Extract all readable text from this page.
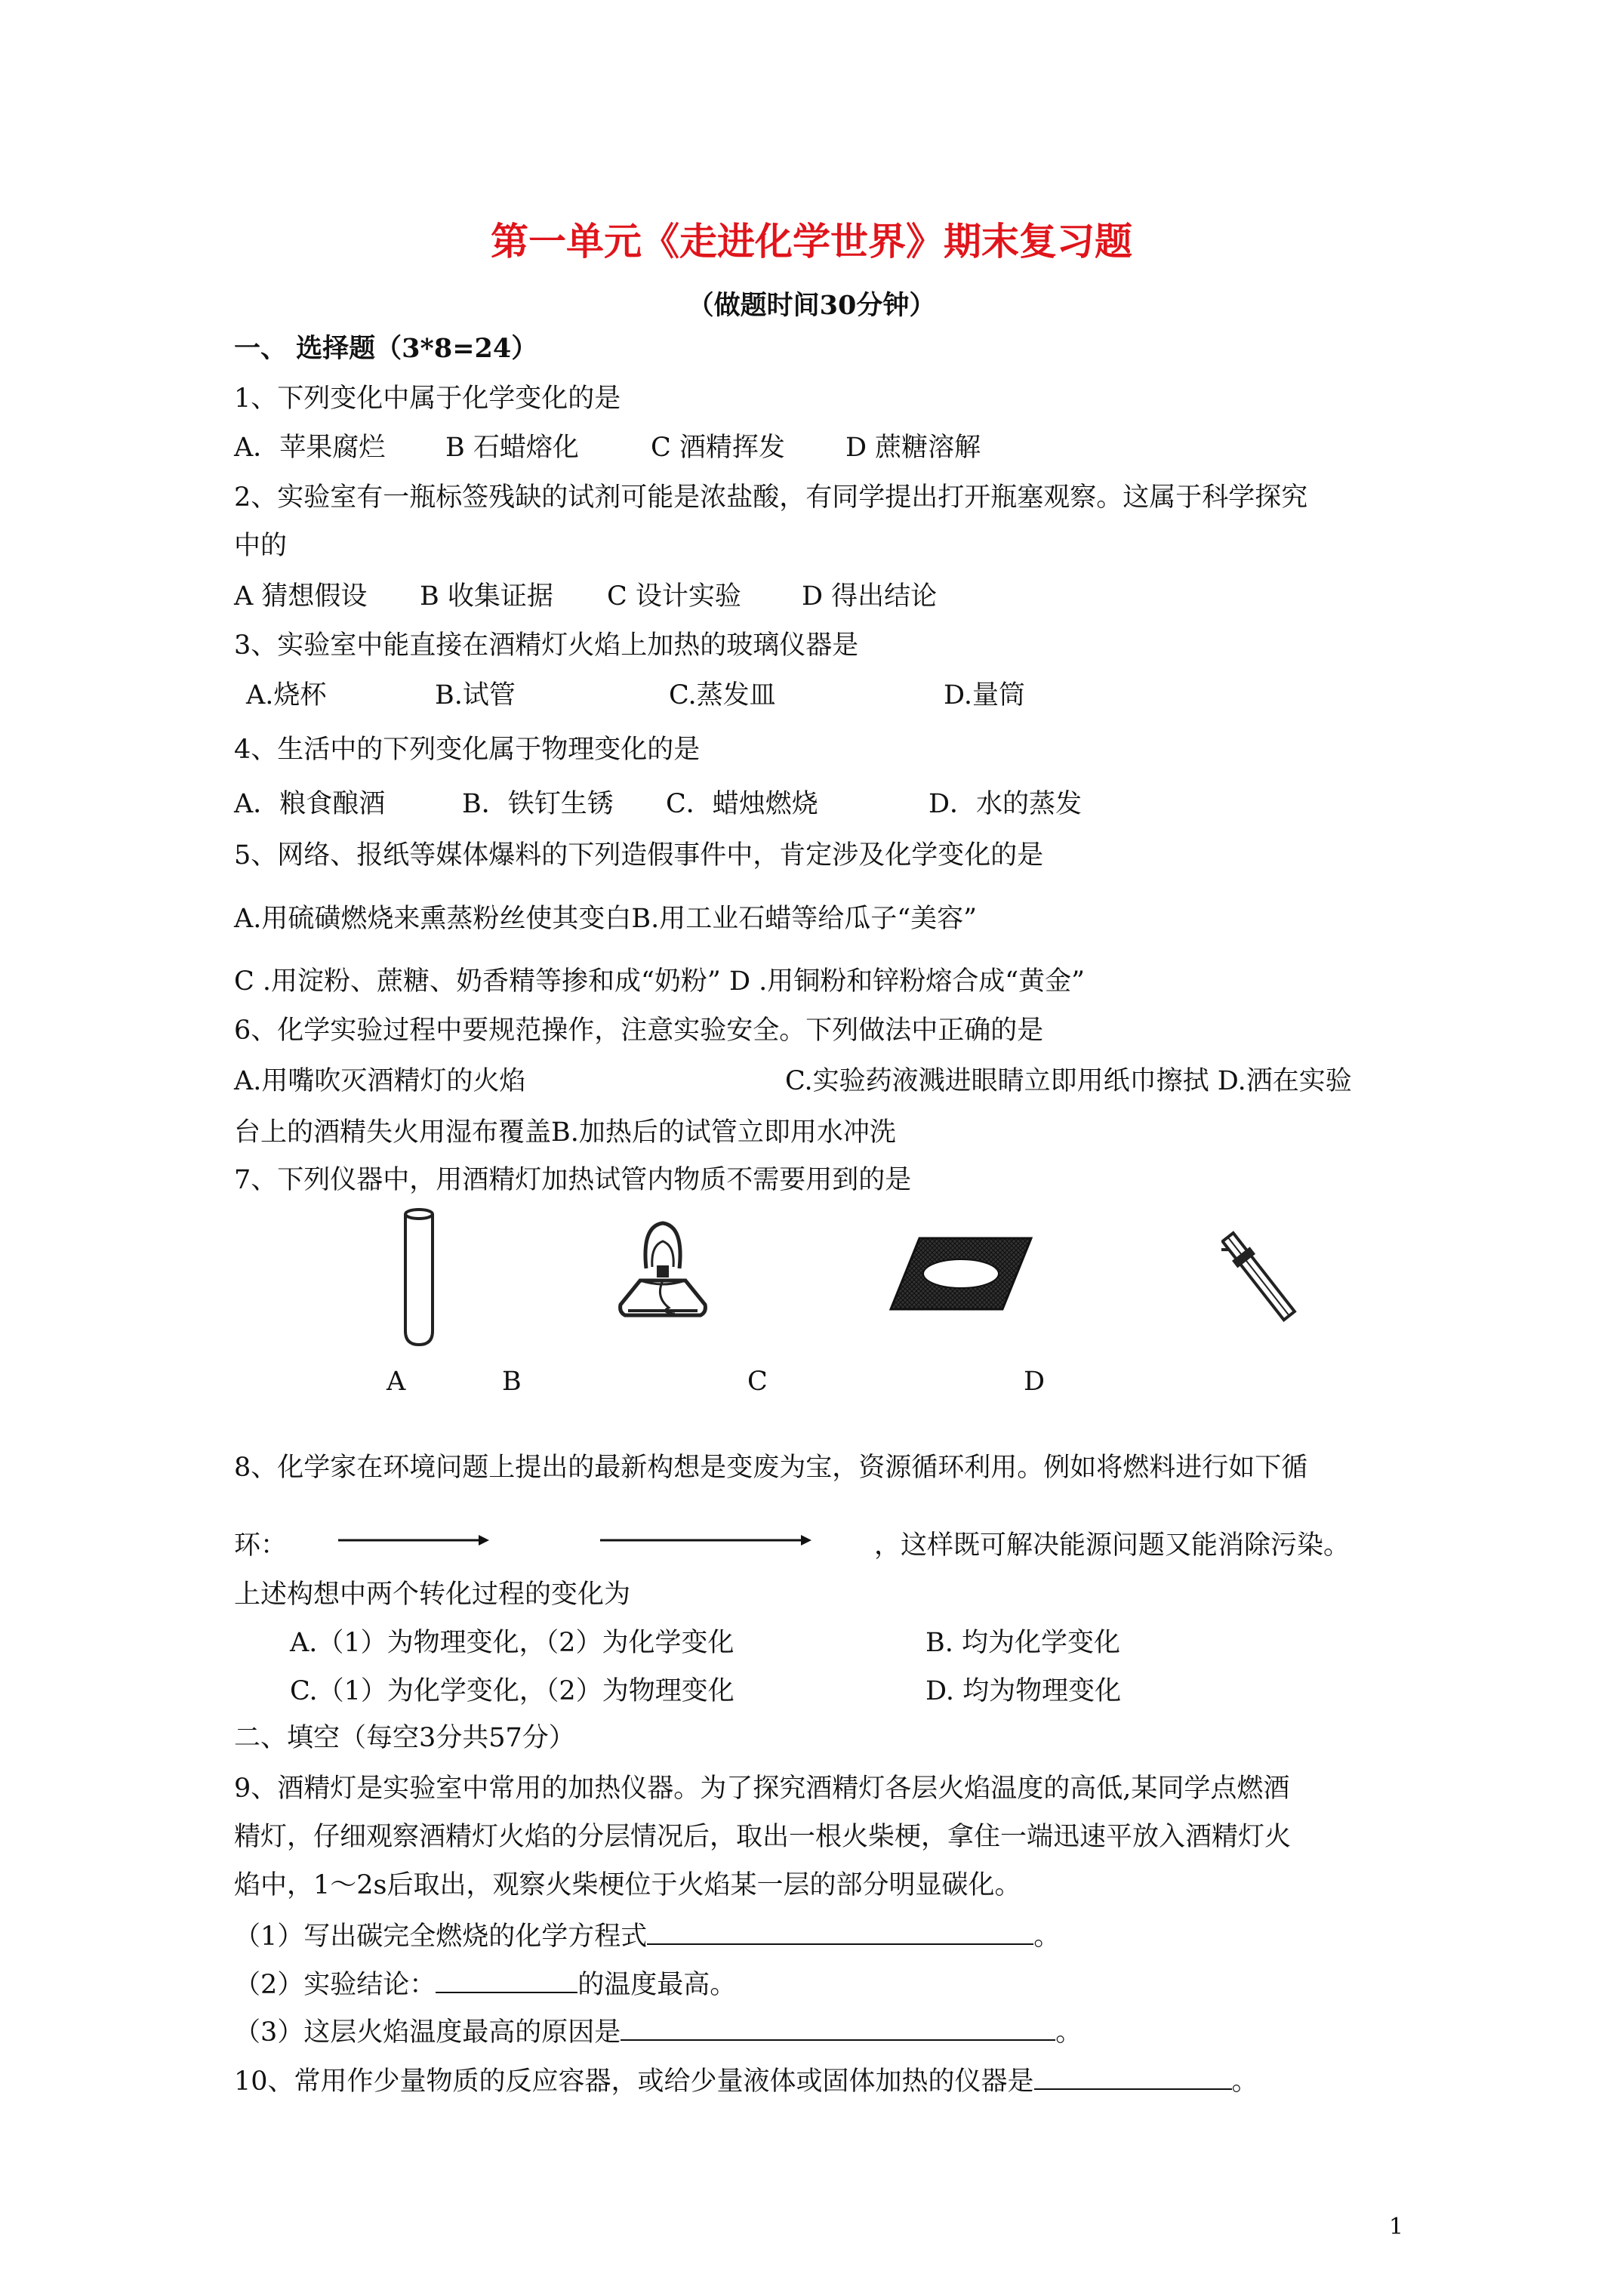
第一单元《走进化学世界》期末复习题
（做题时间30分钟）
一、 选择题（3*8=24）
1、下列变化中属于化学变化的是
A．苹果腐烂 B 石蜡熔化	C 酒精挥发 D 蔗糖溶解
2、实验室有一瓶标签残缺的试剂可能是浓盐酸，有同学提出打开瓶塞观察。这属于科学探究
中的
A 猜想假设 B 收集证据 C 设计实验 D 得出结论
3、实验室中能直接在酒精灯火焰上加热的玻璃仪器是
A.烧杯	B.试管	C.蒸发皿	D.量筒
4、生活中的下列变化属于物理变化的是
A．粮食酿酒	B．铁钉生锈 C．蜡烛燃烧	D．水的蒸发
5、网络、报纸等媒体爆料的下列造假事件中，肯定涉及化学变化的是
A.用硫磺燃烧来熏蒸粉丝使其变白B.用工业石蜡等给瓜子“美容”
C .用淀粉、蔗糖、奶香精等掺和成“奶粉” D .用铜粉和锌粉熔合成“黄金”
6、化学实验过程中要规范操作，注意实验安全。下列做法中正确的是
A.用嘴吹灭酒精灯的火焰	C.实验药液溅进眼睛立即用纸巾擦拭 D.洒在实验
台上的酒精失火用湿布覆盖B.加热后的试管立即用水冲洗
7、下列仪器中，用酒精灯加热试管内物质不需要用到的是
A	B	C	D
8、化学家在环境问题上提出的最新构想是变废为宝，资源循环利用。例如将燃料进行如下循
环：	，这样既可解决能源问题又能消除污染。
上述构想中两个转化过程的变化为
A.（1）为物理变化，（2）为化学变化	B. 均为化学变化
C.（1）为化学变化，（2）为物理变化	D. 均为物理变化
二、填空（每空3分共57分）
9、酒精灯是实验室中常用的加热仪器。为了探究酒精灯各层火焰温度的高低,某同学点燃酒
精灯，仔细观察酒精灯火焰的分层情况后，取出一根火柴梗，拿住一端迅速平放入酒精灯火
焰中，1～2s后取出，观察火柴梗位于火焰某一层的部分明显碳化。
（1）写出碳完全燃烧的化学方程式	。
（2）实验结论：	的温度最高。
（3）这层火焰温度最高的原因是	。
10、常用作少量物质的反应容器，或给少量液体或固体加热的仪器是	。
1
